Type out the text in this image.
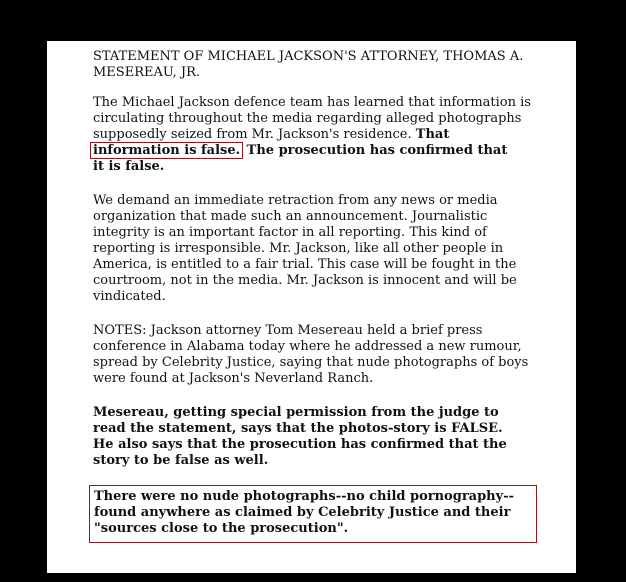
STATEMENT OF MICHAEL JACKSON'S ATTORNEY, THOMAS A.
MESEREAU, JR.
The Michael Jackson defence team has learned that information is
circulating throughout the media regarding alleged photographs
supposedly seized from Mr. Jackson's residence. That
information is false. The prosecution has confirmed that
it is false.
We demand an immediate retraction from any news or media
organization that made such an announcement. Journalistic
integrity is an important factor in all reporting. This kind of
reporting is irresponsible. Mr. Jackson, like all other people in
America, is entitled to a fair trial. This case will be fought in the
courtroom, not in the media. Mr. Jackson is innocent and will be
vindicated.
NOTES: Jackson attorney Tom Mesereau held a brief press
conference in Alabama today where he addressed a new rumour,
spread by Celebrity Justice, saying that nude photographs of boys
were found at Jackson's Neverland Ranch.
Mesereau, getting special permission from the judge to
read the statement, says that the photos-story is FALSE.
He also says that the prosecution has confirmed that the
story to be false as well.
There were no nude photographs--no child pornography--
found anywhere as claimed by Celebrity Justice and their
"sources close to the prosecution".
